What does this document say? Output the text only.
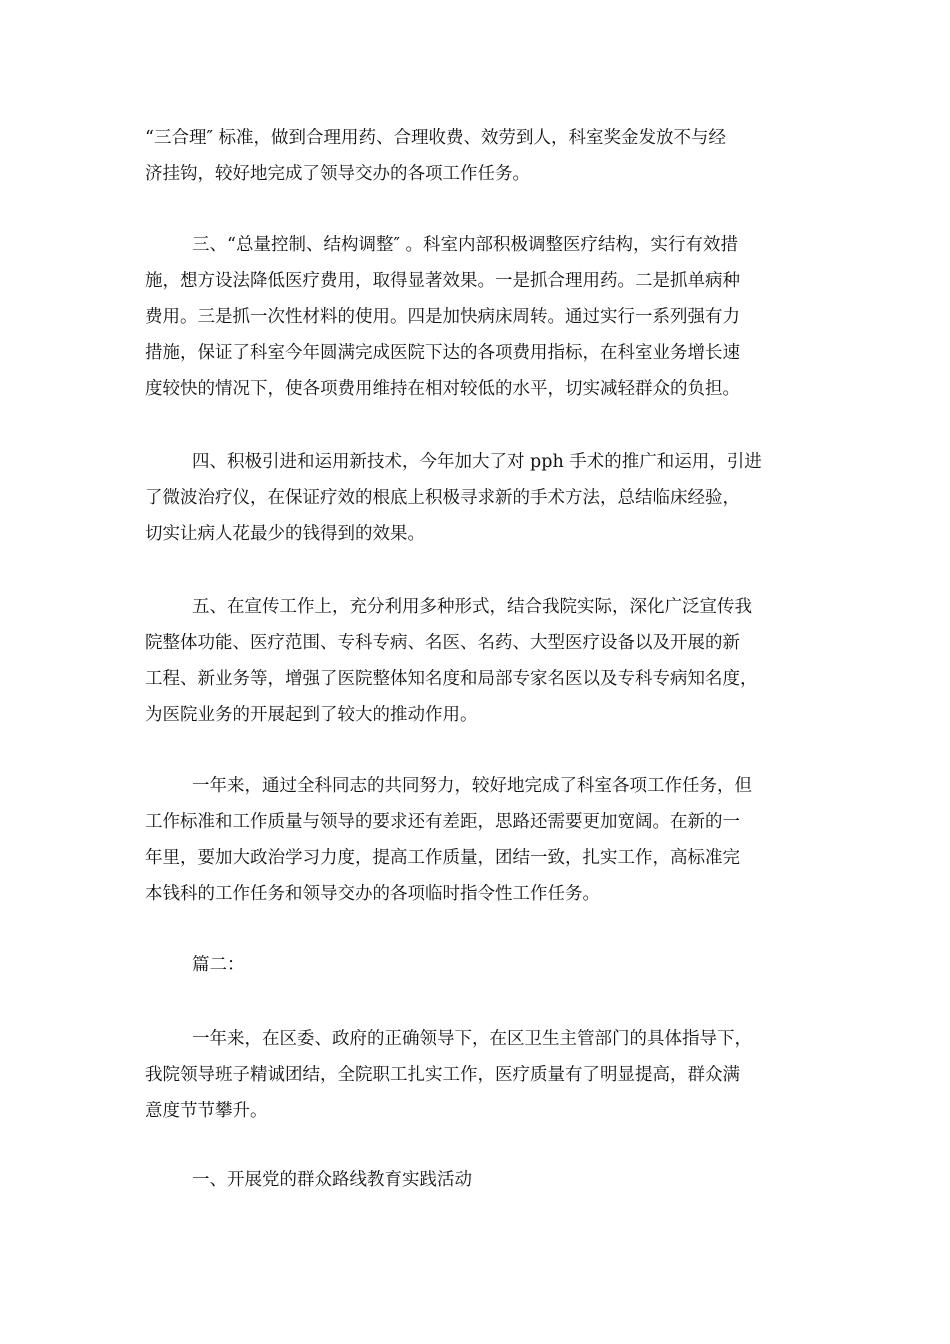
“三合理″ 标准，做到合理用药、合理收费、效劳到人，科室奖金发放不与经
济挂钩，较好地完成了领导交办的各项工作任务。
三、“总量控制、结构调整″ 。科室内部积极调整医疗结构，实行有效措
施，想方设法降低医疗费用，取得显著效果。一是抓合理用药。二是抓单病种
费用。三是抓一次性材料的使用。四是加快病床周转。通过实行一系列强有力
措施，保证了科室今年圆满完成医院下达的各项费用指标，在科室业务增长速
度较快的情况下，使各项费用维持在相对较低的水平，切实减轻群众的负担。
四、积极引进和运用新技术，今年加大了对 pph 手术的推广和运用，引进
了微波治疗仪，在保证疗效的根底上积极寻求新的手术方法，总结临床经验，
切实让病人花最少的钱得到的效果。
五、在宣传工作上，充分利用多种形式，结合我院实际，深化广泛宣传我
院整体功能、医疗范围、专科专病、名医、名药、大型医疗设备以及开展的新
工程、新业务等，增强了医院整体知名度和局部专家名医以及专科专病知名度，
为医院业务的开展起到了较大的推动作用。
一年来，通过全科同志的共同努力，较好地完成了科室各项工作任务，但
工作标准和工作质量与领导的要求还有差距，思路还需要更加宽阔。在新的一
年里，要加大政治学习力度，提高工作质量，团结一致，扎实工作，高标准完
本钱科的工作任务和领导交办的各项临时指令性工作任务。
篇二：
一年来，在区委、政府的正确领导下，在区卫生主管部门的具体指导下，
我院领导班子精诚团结，全院职工扎实工作，医疗质量有了明显提高，群众满
意度节节攀升。
一、开展党的群众路线教育实践活动
